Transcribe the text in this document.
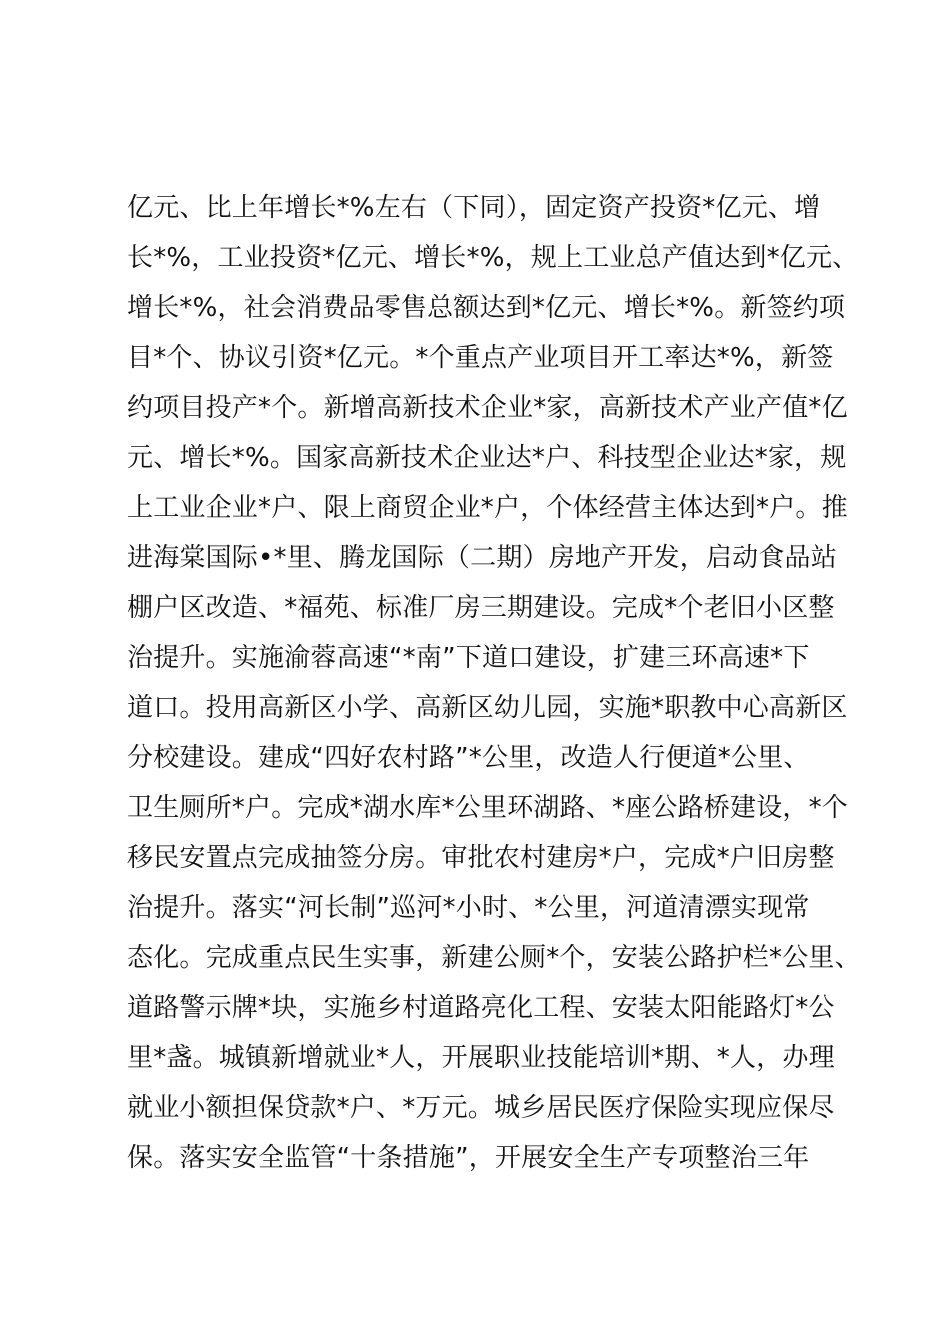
亿元、比上年增长*%左右（下同），固定资产投资*亿元、增
长*%，工业投资*亿元、增长*%，规上工业总产值达到*亿元、
增长*%，社会消费品零售总额达到*亿元、增长*%。新签约项
目*个、协议引资*亿元。*个重点产业项目开工率达*%，新签
约项目投产*个。新增高新技术企业*家，高新技术产业产值*亿
元、增长*%。国家高新技术企业达*户、科技型企业达*家，规
上工业企业*户、限上商贸企业*户，个体经营主体达到*户。推
进海棠国际•*里、腾龙国际（二期）房地产开发，启动食品站
棚户区改造、*福苑、标准厂房三期建设。完成*个老旧小区整
治提升。实施渝蓉高速“*南”下道口建设，扩建三环高速*下
道口。投用高新区小学、高新区幼儿园，实施*职教中心高新区
分校建设。建成“四好农村路”*公里，改造人行便道*公里、
卫生厕所*户。完成*湖水库*公里环湖路、*座公路桥建设，*个
移民安置点完成抽签分房。审批农村建房*户，完成*户旧房整
治提升。落实“河长制”巡河*小时、*公里，河道清漂实现常
态化。完成重点民生实事，新建公厕*个，安装公路护栏*公里、
道路警示牌*块，实施乡村道路亮化工程、安装太阳能路灯*公
里*盏。城镇新增就业*人，开展职业技能培训*期、*人，办理
就业小额担保贷款*户、*万元。城乡居民医疗保险实现应保尽
保。落实安全监管“十条措施”，开展安全生产专项整治三年
